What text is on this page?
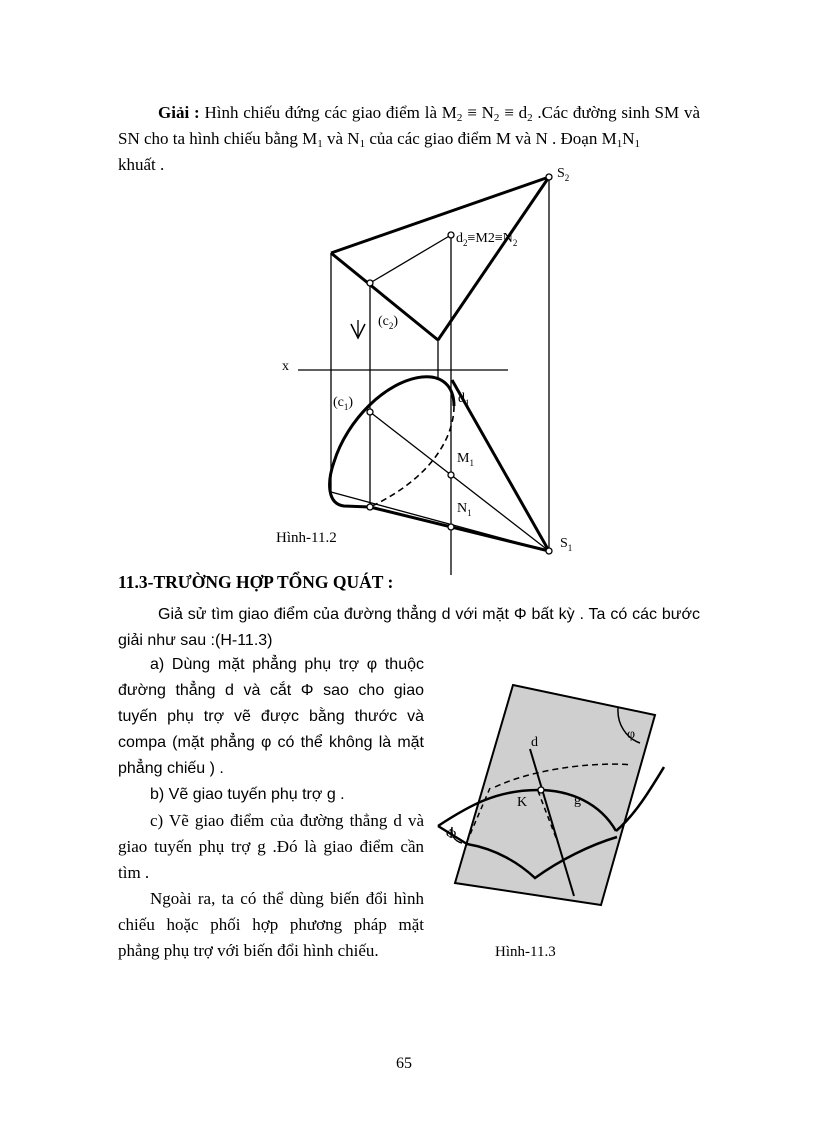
Giải : Hình chiếu đứng các giao điểm là $M_2 \equiv N_2 \equiv d_2$ .Các đường sinh SM và SN cho ta hình chiếu bằng $M_1$ và $N_1$ của các giao điểm M và N . Đoạn $M_1N_1$
khuất .	$S_2$
$d_2\equiv M2\equiv N_2$
$(c_2)$
x
$(c_1)$	$d_1$
$M_1$
$N_1$
$S_1$
Hình-11.2
11.3-TRƯỜNG HỢP TỔNG QUÁT :
Giả sử tìm giao điểm của đường thẳng d với mặt Φ bất kỳ . Ta có các bước giải như sau :(H-11.3)

a) Dùng mặt phẳng phụ trợ φ thuộc đường thẳng d và cắt Φ sao cho giao tuyến phụ trợ vẽ được bằng thước và compa (mặt phẳng φ có thể không là mặt phẳng chiếu ) .

b) Vẽ giao tuyến phụ trợ g .

c) Vẽ giao điểm của đường thẳng d và giao tuyến phụ trợ g .Đó là giao điểm cần tìm .

Ngoài ra, ta có thể dùng biến đổi hình chiếu hoặc phối hợp phương pháp mặt phẳng phụ trợ với biến đổi hình chiếu.

φ
d
K	g
Φ
Hình-11.3
65
